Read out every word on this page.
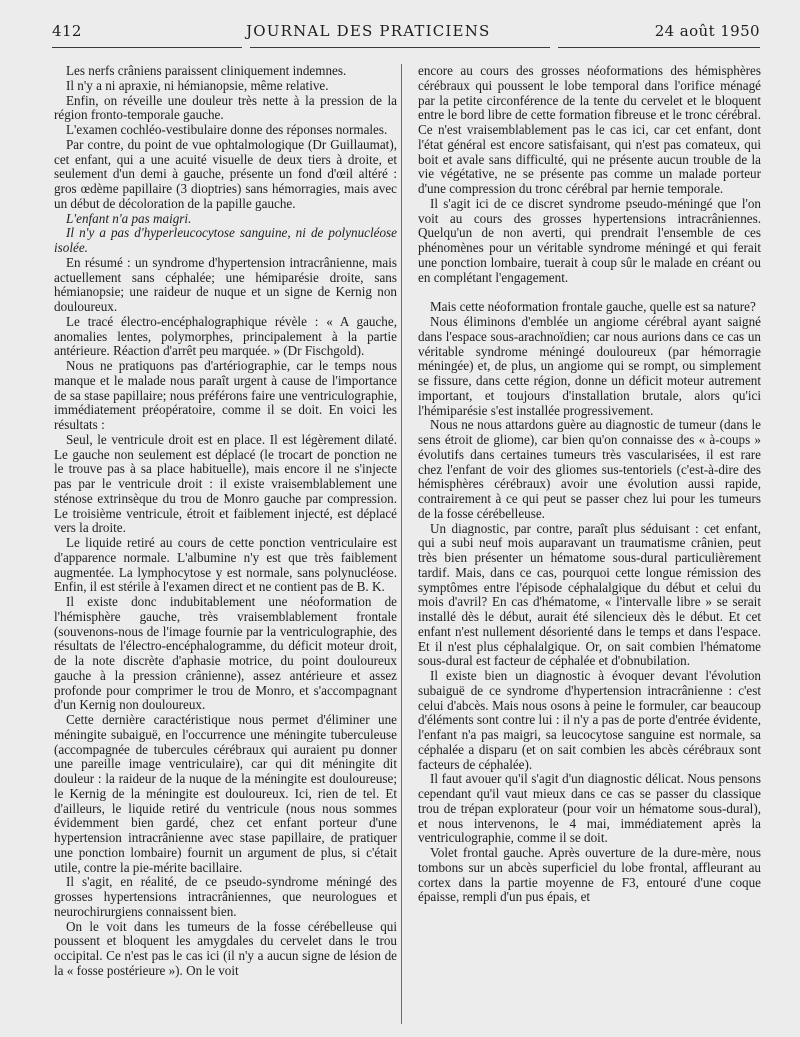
412	JOURNAL DES PRATICIENS	24 août 1950

Les nerfs crâniens paraissent cliniquement indemnes.

Il n'y a ni apraxie, ni hémianopsie, même relative.

Enfin, on réveille une douleur très nette à la pression de la région fronto-temporale gauche.

L'examen cochléo-vestibulaire donne des réponses normales.

Par contre, du point de vue ophtalmologique (Dr Guillaumat), cet enfant, qui a une acuité visuelle de deux tiers à droite, et seulement d'un demi à gauche, présente un fond d'œil altéré : gros œdème papillaire (3 dioptries) sans hémorragies, mais avec un début de décoloration de la papille gauche.

L'enfant n'a pas maigri.

Il n'y a pas d'hyperleucocytose sanguine, ni de polynucléose isolée.

En résumé : un syndrome d'hypertension intracrânienne, mais actuellement sans céphalée; une hémiparésie droite, sans hémianopsie; une raideur de nuque et un signe de Kernig non douloureux.

Le tracé électro-encéphalographique révèle : « A gauche, anomalies lentes, polymorphes, principalement à la partie antérieure. Réaction d'arrêt peu marquée. » (Dr Fischgold).

Nous ne pratiquons pas d'artériographie, car le temps nous manque et le malade nous paraît urgent à cause de l'importance de sa stase papillaire; nous préférons faire une ventriculographie, immédiatement préopératoire, comme il se doit. En voici les résultats :

Seul, le ventricule droit est en place. Il est légèrement dilaté. Le gauche non seulement est déplacé (le trocart de ponction ne le trouve pas à sa place habituelle), mais encore il ne s'injecte pas par le ventricule droit : il existe vraisemblablement une sténose extrinsèque du trou de Monro gauche par compression. Le troisième ventricule, étroit et faiblement injecté, est déplacé vers la droite.

Le liquide retiré au cours de cette ponction ventriculaire est d'apparence normale. L'albumine n'y est que très faiblement augmentée. La lymphocytose y est normale, sans polynucléose. Enfin, il est stérile à l'examen direct et ne contient pas de B. K.

Il existe donc indubitablement une néoformation de l'hémisphère gauche, très vraisemblablement frontale (souvenons-nous de l'image fournie par la ventriculographie, des résultats de l'électro-encéphalogramme, du déficit moteur droit, de la note discrète d'aphasie motrice, du point douloureux gauche à la pression crânienne), assez antérieure et assez profonde pour comprimer le trou de Monro, et s'accompagnant d'un Kernig non douloureux.

Cette dernière caractéristique nous permet d'éliminer une méningite subaiguë, en l'occurrence une méningite tuberculeuse (accompagnée de tubercules cérébraux qui auraient pu donner une pareille image ventriculaire), car qui dit méningite dit douleur : la raideur de la nuque de la méningite est douloureuse; le Kernig de la méningite est douloureux. Ici, rien de tel. Et d'ailleurs, le liquide retiré du ventricule (nous nous sommes évidemment bien gardé, chez cet enfant porteur d'une hypertension intracrânienne avec stase papillaire, de pratiquer une ponction lombaire) fournit un argument de plus, si c'était utile, contre la pie-mérite bacillaire.

Il s'agit, en réalité, de ce pseudo-syndrome méningé des grosses hypertensions intracrâniennes, que neurologues et neurochirurgiens connaissent bien.

On le voit dans les tumeurs de la fosse cérébelleuse qui poussent et bloquent les amygdales du cervelet dans le trou occipital. Ce n'est pas le cas ici (il n'y a aucun signe de lésion de la « fosse postérieure »). On le voit

encore au cours des grosses néoformations des hémisphères cérébraux qui poussent le lobe temporal dans l'orifice ménagé par la petite circonférence de la tente du cervelet et le bloquent entre le bord libre de cette formation fibreuse et le tronc cérébral. Ce n'est vraisemblablement pas le cas ici, car cet enfant, dont l'état général est encore satisfaisant, qui n'est pas comateux, qui boit et avale sans difficulté, qui ne présente aucun trouble de la vie végétative, ne se présente pas comme un malade porteur d'une compression du tronc cérébral par hernie temporale.

Il s'agit ici de ce discret syndrome pseudo-méningé que l'on voit au cours des grosses hypertensions intracrâniennes. Quelqu'un de non averti, qui prendrait l'ensemble de ces phénomènes pour un véritable syndrome méningé et qui ferait une ponction lombaire, tuerait à coup sûr le malade en créant ou en complétant l'engagement.

Mais cette néoformation frontale gauche, quelle est sa nature?

Nous éliminons d'emblée un angiome cérébral ayant saigné dans l'espace sous-arachnoïdien; car nous aurions dans ce cas un véritable syndrome méningé douloureux (par hémorragie méningée) et, de plus, un angiome qui se rompt, ou simplement se fissure, dans cette région, donne un déficit moteur autrement important, et toujours d'installation brutale, alors qu'ici l'hémiparésie s'est installée progressivement.

Nous ne nous attardons guère au diagnostic de tumeur (dans le sens étroit de gliome), car bien qu'on connaisse des « à-coups » évolutifs dans certaines tumeurs très vascularisées, il est rare chez l'enfant de voir des gliomes sus-tentoriels (c'est-à-dire des hémisphères cérébraux) avoir une évolution aussi rapide, contrairement à ce qui peut se passer chez lui pour les tumeurs de la fosse cérébelleuse.

Un diagnostic, par contre, paraît plus séduisant : cet enfant, qui a subi neuf mois auparavant un traumatisme crânien, peut très bien présenter un hématome sous-dural particulièrement tardif. Mais, dans ce cas, pourquoi cette longue rémission des symptômes entre l'épisode céphalalgique du début et celui du mois d'avril? En cas d'hématome, « l'intervalle libre » se serait installé dès le début, aurait été silencieux dès le début. Et cet enfant n'est nullement désorienté dans le temps et dans l'espace. Et il n'est plus céphalalgique. Or, on sait combien l'hématome sous-dural est facteur de céphalée et d'obnubilation.

Il existe bien un diagnostic à évoquer devant l'évolution subaiguë de ce syndrome d'hypertension intracrânienne : c'est celui d'abcès. Mais nous osons à peine le formuler, car beaucoup d'éléments sont contre lui : il n'y a pas de porte d'entrée évidente, l'enfant n'a pas maigri, sa leucocytose sanguine est normale, sa céphalée a disparu (et on sait combien les abcès cérébraux sont facteurs de céphalée).

Il faut avouer qu'il s'agit d'un diagnostic délicat. Nous pensons cependant qu'il vaut mieux dans ce cas se passer du classique trou de trépan explorateur (pour voir un hématome sous-dural), et nous intervenons, le 4 mai, immédiatement après la ventriculographie, comme il se doit.

Volet frontal gauche. Après ouverture de la dure-mère, nous tombons sur un abcès superficiel du lobe frontal, affleurant au cortex dans la partie moyenne de F3, entouré d'une coque épaisse, rempli d'un pus épais, et
